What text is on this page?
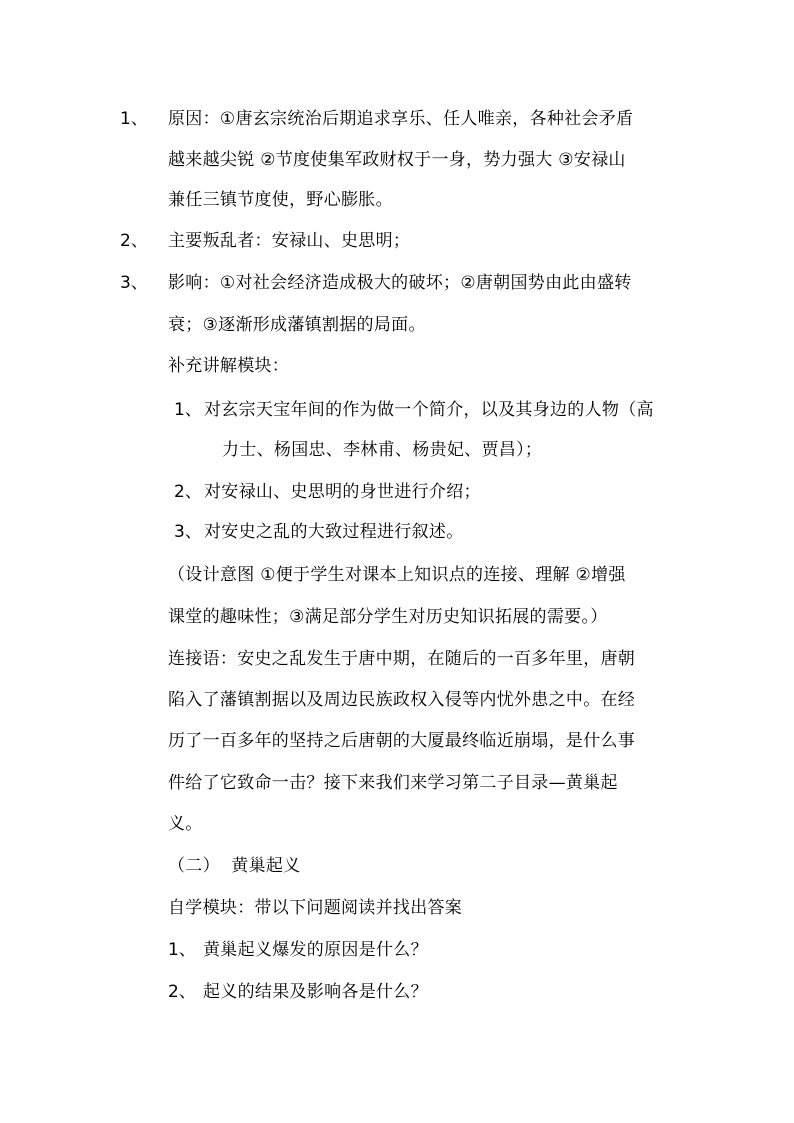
1、 原因：①唐玄宗统治后期追求享乐、任人唯亲，各种社会矛盾
越来越尖锐 ②节度使集军政财权于一身，势力强大 ③安禄山
兼任三镇节度使，野心膨胀。
2、 主要叛乱者：安禄山、史思明；
3、 影响：①对社会经济造成极大的破坏；②唐朝国势由此由盛转
衰；③逐渐形成藩镇割据的局面。
补充讲解模块：
1、 对玄宗天宝年间的作为做一个简介，以及其身边的人物（高
力士、杨国忠、李林甫、杨贵妃、贾昌）；
2、 对安禄山、史思明的身世进行介绍；
3、 对安史之乱的大致过程进行叙述。
（设计意图 ①便于学生对课本上知识点的连接、理解 ②增强
课堂的趣味性；③满足部分学生对历史知识拓展的需要。）
连接语：安史之乱发生于唐中期，在随后的一百多年里，唐朝
陷入了藩镇割据以及周边民族政权入侵等内忧外患之中。在经
历了一百多年的坚持之后唐朝的大厦最终临近崩塌，是什么事
件给了它致命一击？接下来我们来学习第二子目录—黄巢起
义。
（二）  黄巢起义
自学模块：带以下问题阅读并找出答案
1、 黄巢起义爆发的原因是什么？
2、 起义的结果及影响各是什么？
